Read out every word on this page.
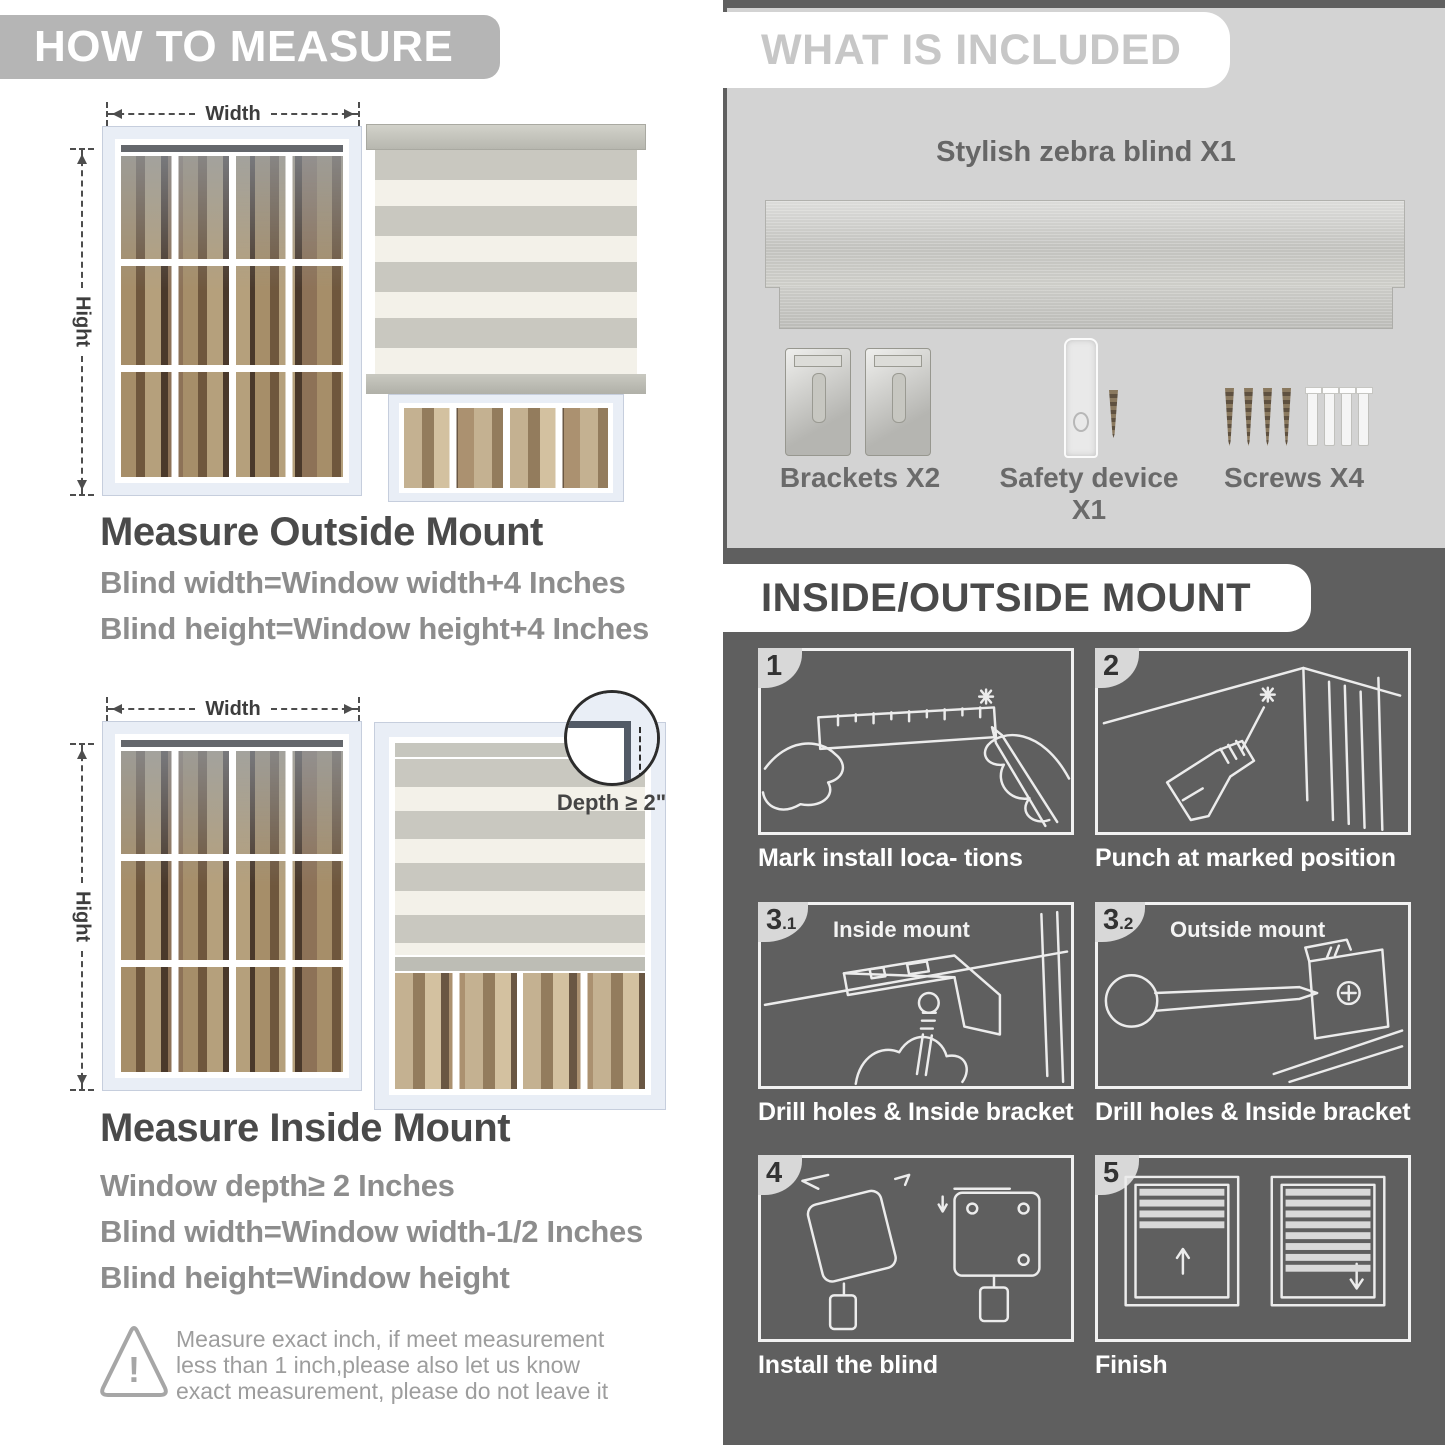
HOW TO MEASURE
Width
Hight
Measure Outside Mount
Blind width=Window width+4 Inches
Blind height=Window height+4 Inches
Width
Hight
Depth ≥ 2"
Measure Inside Mount
Window depth≥ 2 Inches
Blind width=Window width-1/2 Inches
Blind height=Window height
!
Measure exact inch, if meet measurement less than 1 inch,please also let us know exact measurement, please do not leave it
WHAT IS INCLUDED
Stylish zebra blind X1
Brackets X2	Safety device X1
Screws X4
INSIDE/OUTSIDE MOUNT
1
Mark install loca- tions
2
Punch at marked position
3 .1 Inside mount
Drill holes & Inside bracket
3 .2 Outside mount
Drill holes & Inside bracket
4
Install the blind
5
Finish
